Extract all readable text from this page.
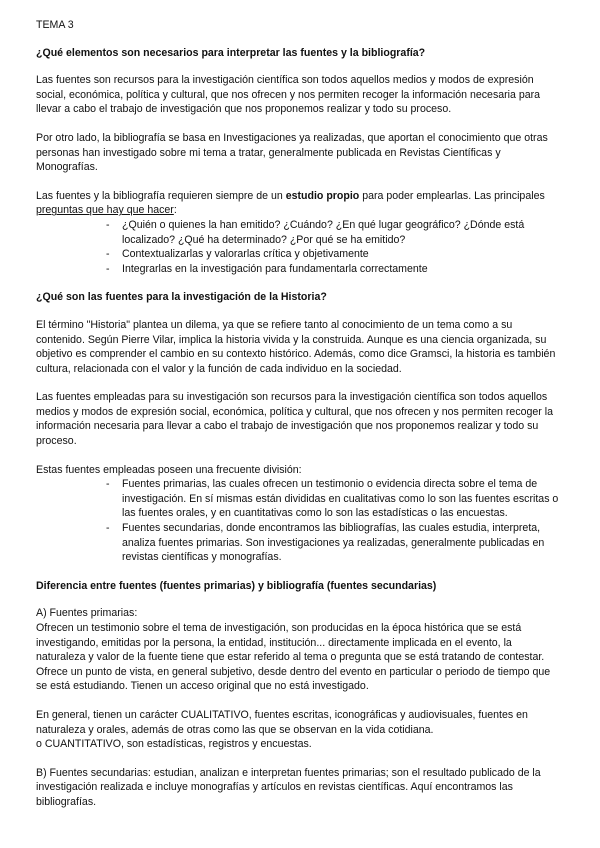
TEMA 3
¿Qué elementos son necesarios para interpretar las fuentes y la bibliografía?

Las fuentes son recursos para la investigación científica son todos aquellos medios y modos de expresión social, económica, política y cultural, que nos ofrecen y nos permiten recoger la información necesaria para llevar a cabo el trabajo de investigación que nos proponemos realizar y todo su proceso.

Por otro lado, la bibliografía se basa en Investigaciones ya realizadas, que aportan el conocimiento que otras personas han investigado sobre mi tema a tratar, generalmente publicada en Revistas Científicas y Monografías.

Las fuentes y la bibliografía requieren siempre de un estudio propio para poder emplearlas. Las principales preguntas que hay que hacer:

- ¿Quién o quienes la han emitido? ¿Cuándo? ¿En qué lugar geográfico? ¿Dónde está localizado? ¿Qué ha determinado? ¿Por qué se ha emitido?
- Contextualizarlas y valorarlas crítica y objetivamente
- Integrarlas en la investigación para fundamentarla correctamente
¿Qué son las fuentes para la investigación de la Historia?

El término "Historia" plantea un dilema, ya que se refiere tanto al conocimiento de un tema como a su contenido. Según Pierre Vilar, implica la historia vivida y la construida. Aunque es una ciencia organizada, su objetivo es comprender el cambio en su contexto histórico. Además, como dice Gramsci, la historia es también cultura, relacionada con el valor y la función de cada individuo en la sociedad.

Las fuentes empleadas para su investigación son recursos para la investigación científica son todos aquellos medios y modos de expresión social, económica, política y cultural, que nos ofrecen y nos permiten recoger la información necesaria para llevar a cabo el trabajo de investigación que nos proponemos realizar y todo su proceso.

Estas fuentes empleadas poseen una frecuente división:

- Fuentes primarias, las cuales ofrecen un testimonio o evidencia directa sobre el tema de investigación. En sí mismas están divididas en cualitativas como lo son las fuentes escritas o las fuentes orales, y en cuantitativas como lo son las estadísticas o las encuestas.
- Fuentes secundarias, donde encontramos las bibliografías, las cuales estudia, interpreta, analiza fuentes primarias. Son investigaciones ya realizadas, generalmente publicadas en revistas científicas y monografías.
Diferencia entre fuentes (fuentes primarias) y bibliografía (fuentes secundarias)
A) Fuentes primarias:

Ofrecen un testimonio sobre el tema de investigación, son producidas en la época histórica que se está investigando, emitidas por la persona, la entidad, institución... directamente implicada en el evento, la naturaleza y valor de la fuente tiene que estar referido al tema o pregunta que se está tratando de contestar. Ofrece un punto de vista, en general subjetivo, desde dentro del evento en particular o periodo de tiempo que se está estudiando. Tienen un acceso original que no está investigado.

En general, tienen un carácter CUALITATIVO, fuentes escritas, iconográficas y audiovisuales, fuentes en naturaleza y orales, además de otras como las que se observan en la vida cotidiana.

o CUANTITATIVO, son estadísticas, registros y encuestas.

B) Fuentes secundarias: estudian, analizan e interpretan fuentes primarias; son el resultado publicado de la investigación realizada e incluye monografías y artículos en revistas científicas. Aquí encontramos las bibliografías.
